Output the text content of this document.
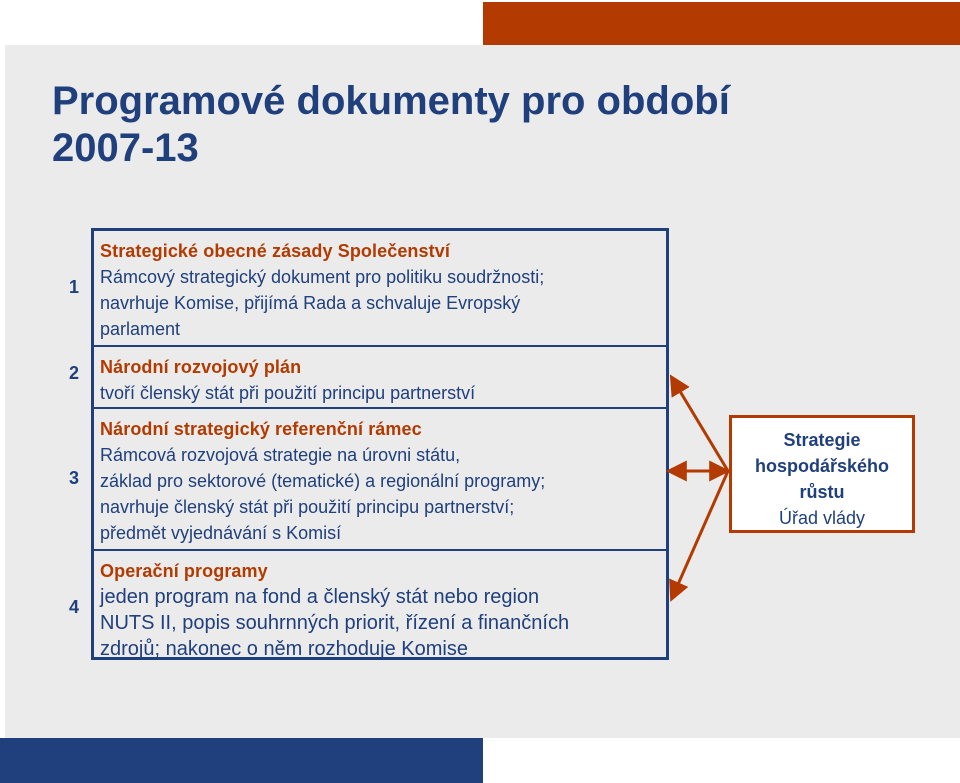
Programové dokumenty pro období
2007-13
1
2
3
4
Strategické obecné zásady Společenství
Rámcový strategický dokument pro politiku soudržnosti;
navrhuje Komise, přijímá Rada a schvaluje Evropský
parlament
Národní rozvojový plán
tvoří členský stát při použití principu partnerství
Národní strategický referenční rámec
Rámcová rozvojová strategie na úrovni státu,
základ pro sektorové (tematické) a regionální programy;
navrhuje členský stát při použití principu partnerství;
předmět vyjednávání s Komisí
Operační programy
jeden program na fond a členský stát nebo region
NUTS II, popis souhrnných priorit, řízení a finančních
zdrojů; nakonec o něm rozhoduje Komise
Strategie
hospodářského
růstu
Úřad vlády
